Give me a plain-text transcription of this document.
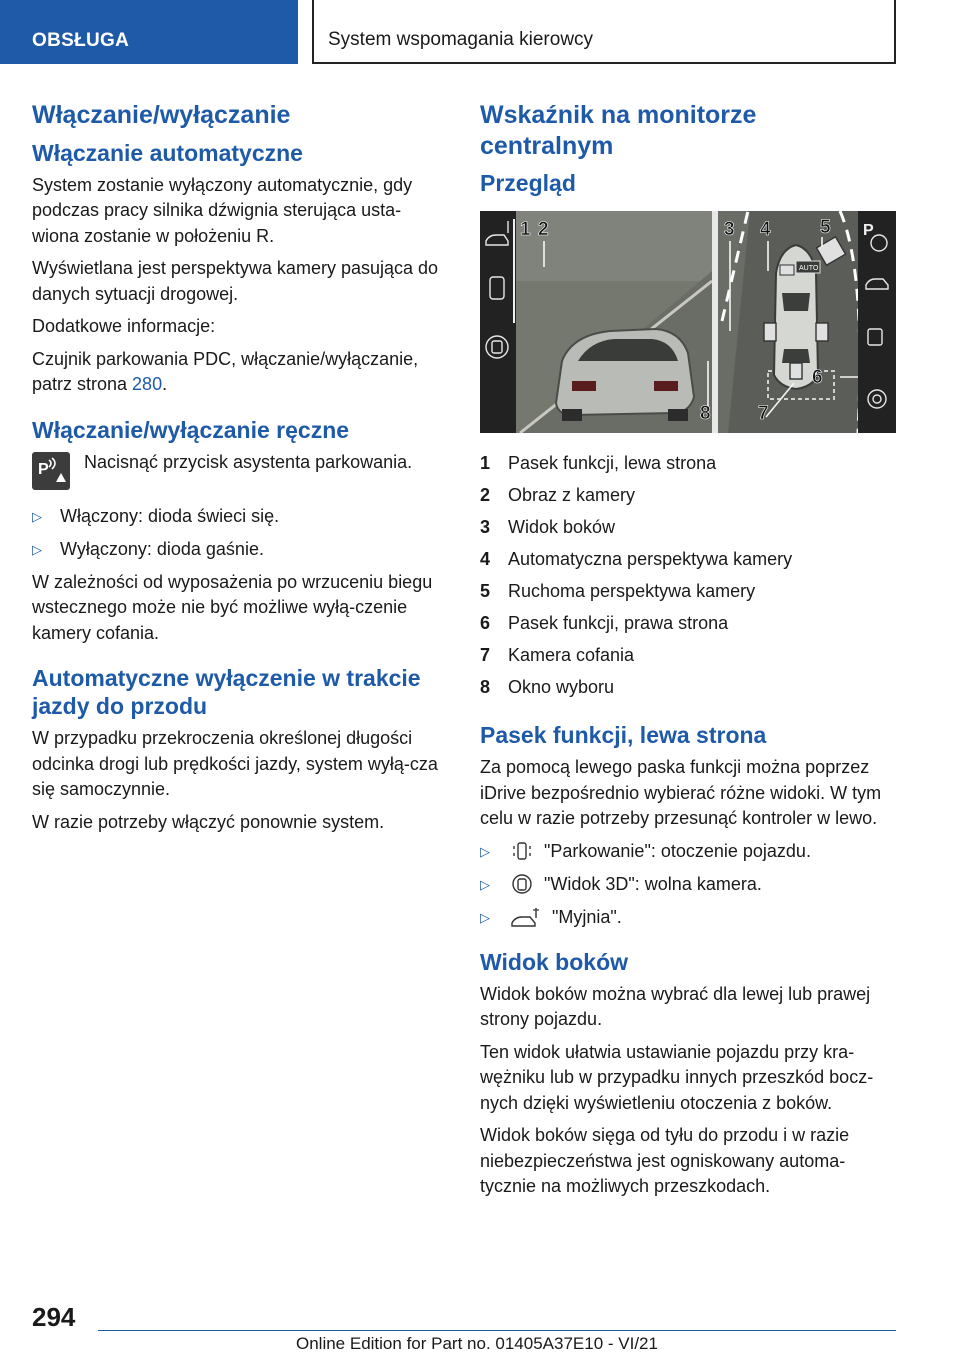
OBSŁUGA	System wspomagania kierowcy
Włączanie/wyłączanie
Włączanie automatyczne

System zostanie wyłączony automatycznie, gdy podczas pracy silnika dźwignia sterująca usta-wiona zostanie w położeniu R.

Wyświetlana jest perspektywa kamery pasująca do danych sytuacji drogowej.

Dodatkowe informacje:

Czujnik parkowania PDC, włączanie/wyłączanie, patrz strona 280.

Włączanie/wyłączanie ręczne
P Nacisnąć przycisk asystenta parkowania.
▷	Włączony: dioda świeci się.
▷	Wyłączony: dioda gaśnie.

W zależności od wyposażenia po wrzuceniu biegu wstecznego może nie być możliwe wyłą-czenie kamery cofania.

Automatyczne wyłączenie w trakcie jazdy do przodu

W przypadku przekroczenia określonej długości odcinka drogi lub prędkości jazdy, system wyłą-cza się samoczynnie.

W razie potrzeby włączyć ponownie system.

Wskaźnik na monitorze centralnym
Przegląd
AUTO
P
1 2	3 4	5
6
7
8
1 Pasek funkcji, lewa strona
2 Obraz z kamery
3 Widok boków
4 Automatyczna perspektywa kamery
5 Ruchoma perspektywa kamery
6 Pasek funkcji, prawa strona
7 Kamera cofania
8 Okno wyboru
Pasek funkcji, lewa strona

Za pomocą lewego paska funkcji można poprzez iDrive bezpośrednio wybierać różne widoki. W tym celu w razie potrzeby przesunąć kontroler w lewo.

▷	"Parkowanie": otoczenie pojazdu.
▷	"Widok 3D": wolna kamera.
▷	"Myjnia".
Widok boków

Widok boków można wybrać dla lewej lub prawej strony pojazdu.

Ten widok ułatwia ustawianie pojazdu przy kra-wężniku lub w przypadku innych przeszkód bocz-nych dzięki wyświetleniu otoczenia z boków.

Widok boków sięga od tyłu do przodu i w razie niebezpieczeństwa jest ogniskowany automa-tycznie na możliwych przeszkodach.

294
Online Edition for Part no. 01405A37E10 - VI/21
